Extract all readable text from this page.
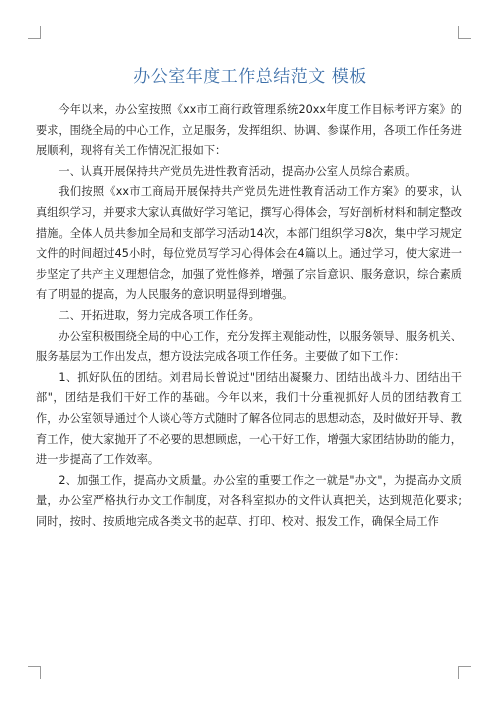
办公室年度工作总结范文 模板

今年以来，办公室按照《xx市工商行政管理系统20xx年度工作目标考评方案》的要求，围绕全局的中心工作，立足服务，发挥组织、协调、参谋作用，各项工作任务进展顺利，现将有关工作情况汇报如下：

一、认真开展保持共产党员先进性教育活动，提高办公室人员综合素质。

我们按照《xx市工商局开展保持共产党员先进性教育活动工作方案》的要求，认真组织学习，并要求大家认真做好学习笔记，撰写心得体会，写好剖析材料和制定整改措施。全体人员共参加全局和支部学习活动14次，本部门组织学习8次，集中学习规定文件的时间超过45小时，每位党员写学习心得体会在4篇以上。通过学习，使大家进一步坚定了共产主义理想信念，加强了党性修养，增强了宗旨意识、服务意识，综合素质有了明显的提高，为人民服务的意识明显得到增强。

二、开拓进取，努力完成各项工作任务。

办公室积极围绕全局的中心工作，充分发挥主观能动性，以服务领导、服务机关、服务基层为工作出发点，想方设法完成各项工作任务。主要做了如下工作：

1、抓好队伍的团结。刘君局长曾说过"团结出凝聚力、团结出战斗力、团结出干部"，团结是我们干好工作的基础。今年以来，我们十分重视抓好人员的团结教育工作，办公室领导通过个人谈心等方式随时了解各位同志的思想动态，及时做好开导、教育工作，使大家抛开了不必要的思想顾虑，一心干好工作，增强大家团结协助的能力，进一步提高了工作效率。

2、加强工作，提高办文质量。办公室的重要工作之一就是"办文"，为提高办文质量，办公室严格执行办文工作制度，对各科室拟办的文件认真把关，达到规范化要求;同时，按时、按质地完成各类文书的起草、打印、校对、报发工作，确保全局工作
